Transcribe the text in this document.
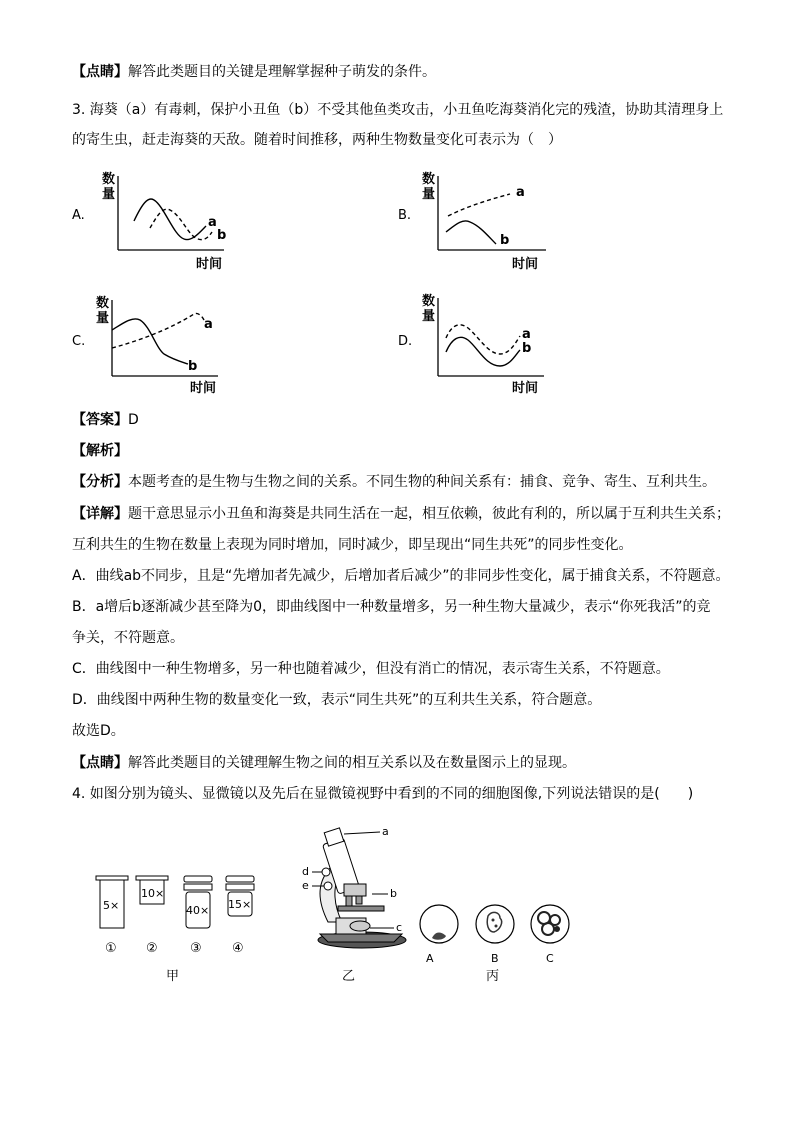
【点睛】解答此类题目的关键是理解掌握种子萌发的条件。
3. 海葵（a）有毒刺，保护小丑鱼（b）不受其他鱼类攻击，小丑鱼吃海葵消化完的残渣，协助其清理身上
的寄生虫，赶走海葵的天敌。随着时间推移，两种生物数量变化可表示为（　）
A.
数
量
a
b
时间
B.
数
量	a
b
时间
C.
数
量	a
b
时间
D.
数
量
a
b
时间
【答案】D
【解析】
【分析】本题考查的是生物与生物之间的关系。不同生物的种间关系有：捕食、竞争、寄生、互利共生。
【详解】题干意思显示小丑鱼和海葵是共同生活在一起，相互依赖，彼此有利的，所以属于互利共生关系；
互利共生的生物在数量上表现为同时增加，同时减少，即呈现出“同生共死”的同步性变化。
A．曲线ab不同步，且是“先增加者先减少，后增加者后减少”的非同步性变化，属于捕食关系，不符题意。
B．a增后b逐渐减少甚至降为0，即曲线图中一种数量增多，另一种生物大量减少，表示“你死我活”的竞
争关，不符题意。
C．曲线图中一种生物增多，另一种也随着减少，但没有消亡的情况，表示寄生关系，不符题意。
D．曲线图中两种生物的数量变化一致，表示“同生共死”的互利共生关系，符合题意。
故选D。
【点睛】解答此类题目的关键理解生物之间的相互关系以及在数量图示上的显现。
4. 如图分别为镜头、显微镜以及先后在显微镜视野中看到的不同的细胞图像,下列说法错误的是(　　)
5×
①
10×
②
40×
③
15×
④
甲
a
b
c
d
e
乙
A	B	C
丙
